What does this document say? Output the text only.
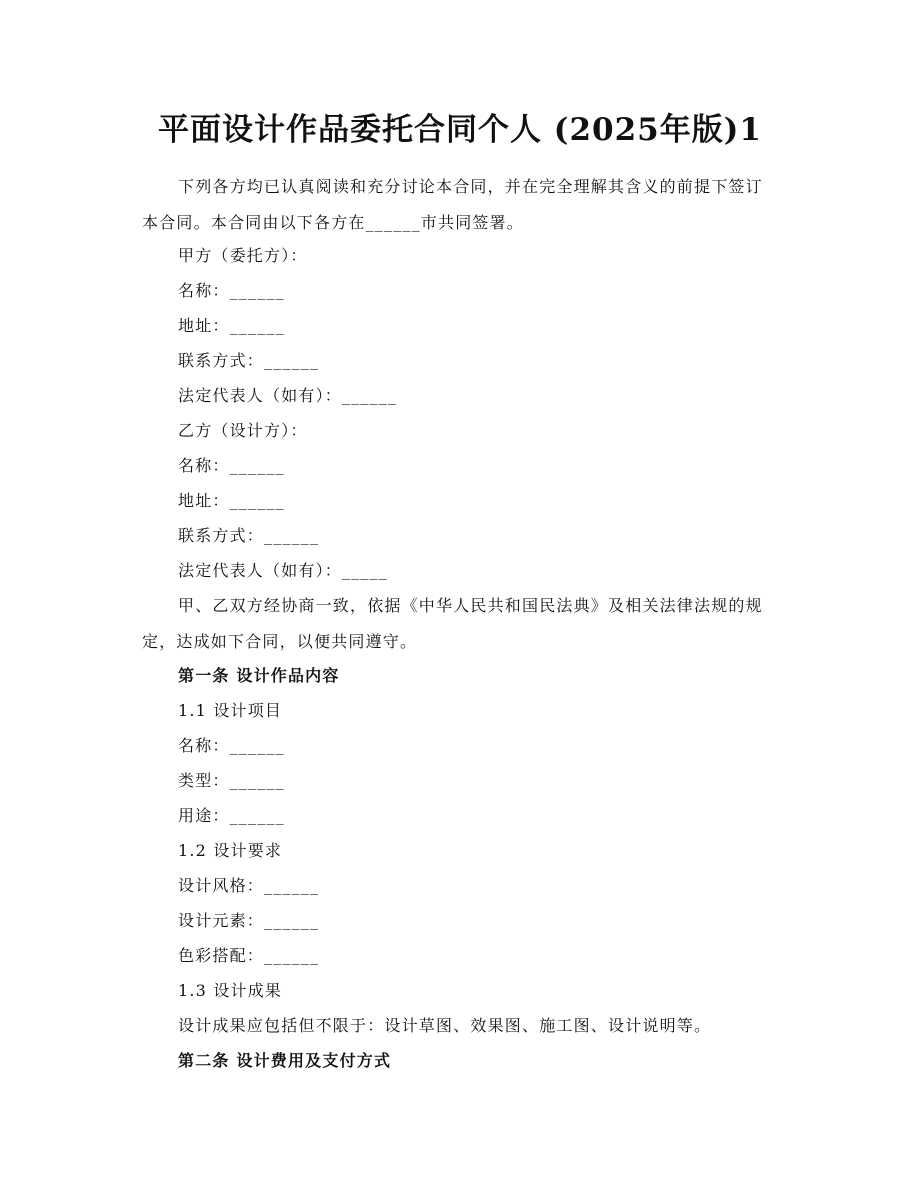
平面设计作品委托合同个人 (2025年版)1

下列各方均已认真阅读和充分讨论本合同，并在完全理解其含义的前提下签订本合同。本合同由以下各方在______市共同签署。

甲方（委托方）：

名称：______

地址：______

联系方式：______

法定代表人（如有）：______

乙方（设计方）：

名称：______

地址：______

联系方式：______

法定代表人（如有）：_____

甲、乙双方经协商一致，依据《中华人民共和国民法典》及相关法律法规的规定，达成如下合同，以便共同遵守。

第一条 设计作品内容

1.1 设计项目

名称：______

类型：______

用途：______

1.2 设计要求

设计风格：______

设计元素：______

色彩搭配：______

1.3 设计成果

设计成果应包括但不限于：设计草图、效果图、施工图、设计说明等。

第二条 设计费用及支付方式
